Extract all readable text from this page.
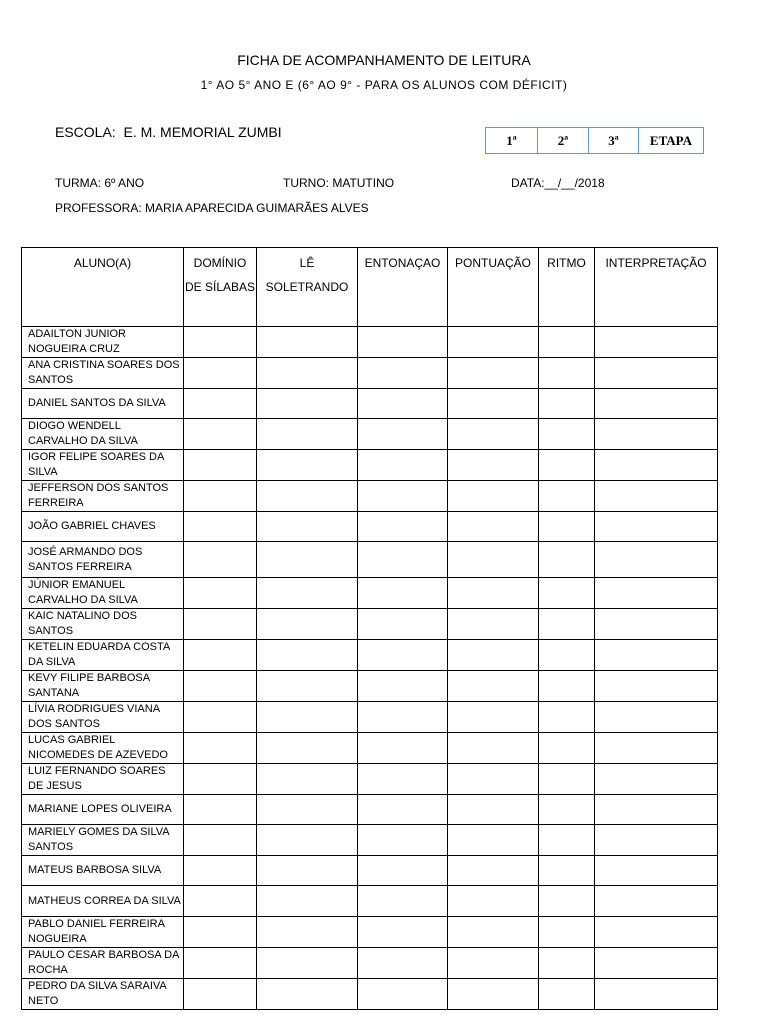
FICHA DE ACOMPANHAMENTO DE LEITURA
1° AO 5° ANO E (6° AO 9° - PARA OS ALUNOS COM DÉFICIT)
ESCOLA: E. M. MEMORIAL ZUMBI	1ª	2ª	3ª	ETAPA
TURMA: 6º ANO	TURNO: MATUTINO	DATA:__/__/2018
PROFESSORA: MARIA APARECIDA GUIMARÃES ALVES
ALUNO(A)	DOMÍNIO DE SÍLABAS	LÊ SOLETRANDO	ENTONAÇAO	PONTUAÇÃO	RITMO	INTERPRETAÇÃO
ADAILTON JUNIOR NOGUEIRA CRUZ						
ANA CRISTINA SOARES DOS SANTOS						
DANIEL SANTOS DA SILVA						
DIOGO WENDELL CARVALHO DA SILVA						
IGOR FELIPE SOARES DA SILVA						
JEFFERSON DOS SANTOS FERREIRA						
JOÃO GABRIEL CHAVES						
JOSÉ ARMANDO DOS SANTOS FERREIRA						
JÚNIOR EMANUEL CARVALHO DA SILVA						
KAIC NATALINO DOS SANTOS						
KETELIN EDUARDA COSTA DA SILVA						
KEVY FILIPE BARBOSA SANTANA						
LÍVIA RODRIGUES VIANA DOS SANTOS						
LUCAS GABRIEL NICOMEDES DE AZEVEDO						
LUIZ FERNANDO SOARES DE JESUS						
MARIANE LOPES OLIVEIRA						
MARIELY GOMES DA SILVA SANTOS						
MATEUS BARBOSA SILVA						
MATHEUS CORREA DA SILVA						
PABLO DANIEL FERREIRA NOGUEIRA						
PAULO CESAR BARBOSA DA ROCHA						
PEDRO DA SILVA SARAIVA NETO						
